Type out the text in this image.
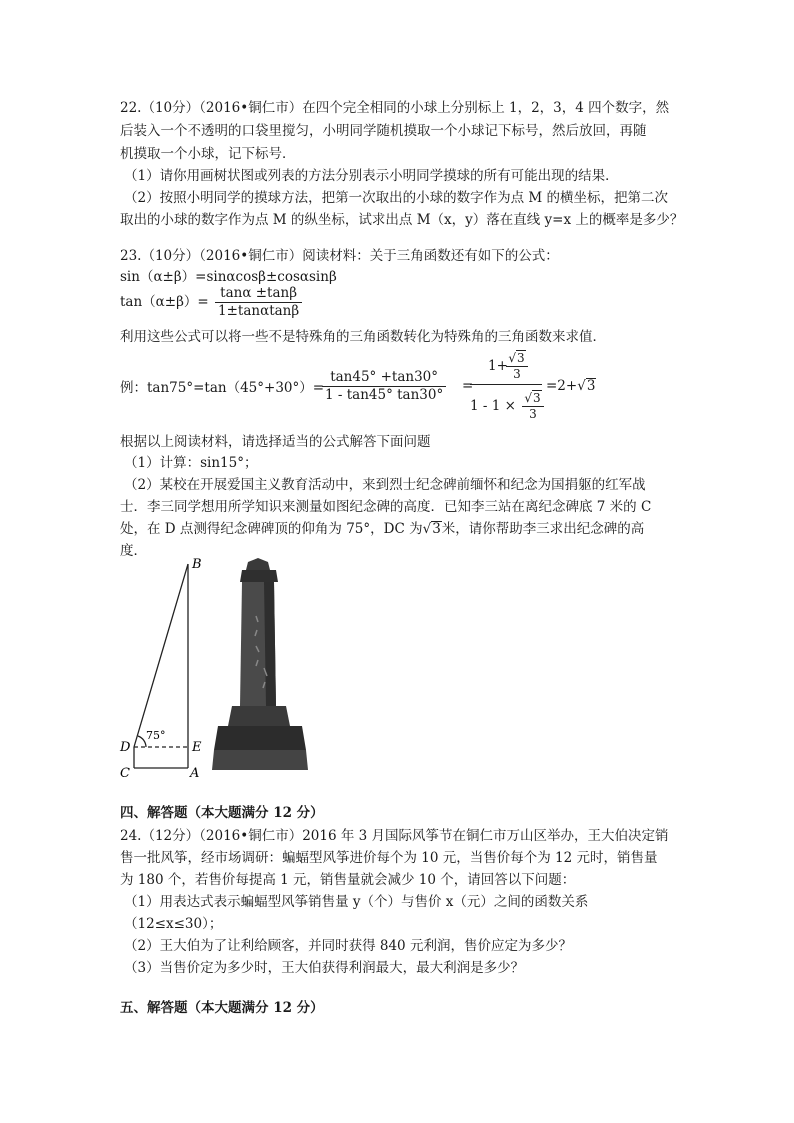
22.（10分）（2016•铜仁市）在四个完全相同的小球上分别标上 1，2，3，4 四个数字，然
后装入一个不透明的口袋里搅匀，小明同学随机摸取一个小球记下标号，然后放回，再随
机摸取一个小球，记下标号．
（1）请你用画树状图或列表的方法分别表示小明同学摸球的所有可能出现的结果．
（2）按照小明同学的摸球方法，把第一次取出的小球的数字作为点 M 的横坐标，把第二次
取出的小球的数字作为点 M 的纵坐标，试求出点 M（x，y）落在直线 y=x 上的概率是多少？
23.（10分）（2016•铜仁市）阅读材料：关于三角函数还有如下的公式：
sin（α±β）=sinαcosβ±cosαsinβ
$\tan(\alpha\pm\beta)= \frac{\tan\alpha \pm\tan\beta}{1\pm\tan\alpha\tan\beta}$
利用这些公式可以将一些不是特殊角的三角函数转化为特殊角的三角函数来求值．
例：tan75°=tan（45°+30°）=
$\frac{\tan 45^\circ +\tan 30^\circ}{1 - \tan 45^\circ \tan 30^\circ}$ =
1+ √3
3
1 - 1 × √3
3
=2+√3
根据以上阅读材料，请选择适当的公式解答下面问题
（1）计算：sin15°；
（2）某校在开展爱国主义教育活动中，来到烈士纪念碑前缅怀和纪念为国捐躯的红军战
士．李三同学想用所学知识来测量如图纪念碑的高度．已知李三站在离纪念碑底 7 米的 C
处，在 D 点测得纪念碑碑顶的仰角为 75°，DC 为√3米，请你帮助李三求出纪念碑的高
度．
B
D	E
C	A
75°
四、解答题（本大题满分 12 分）
24.（12分）（2016•铜仁市）2016 年 3 月国际风筝节在铜仁市万山区举办，王大伯决定销
售一批风筝，经市场调研：蝙蝠型风筝进价每个为 10 元，当售价每个为 12 元时，销售量
为 180 个，若售价每提高 1 元，销售量就会减少 10 个，请回答以下问题：
（1）用表达式表示蝙蝠型风筝销售量 y（个）与售价 x（元）之间的函数关系
（12≤x≤30）；
（2）王大伯为了让利给顾客，并同时获得 840 元利润，售价应定为多少？
（3）当售价定为多少时，王大伯获得利润最大，最大利润是多少？
五、解答题（本大题满分 12 分）
